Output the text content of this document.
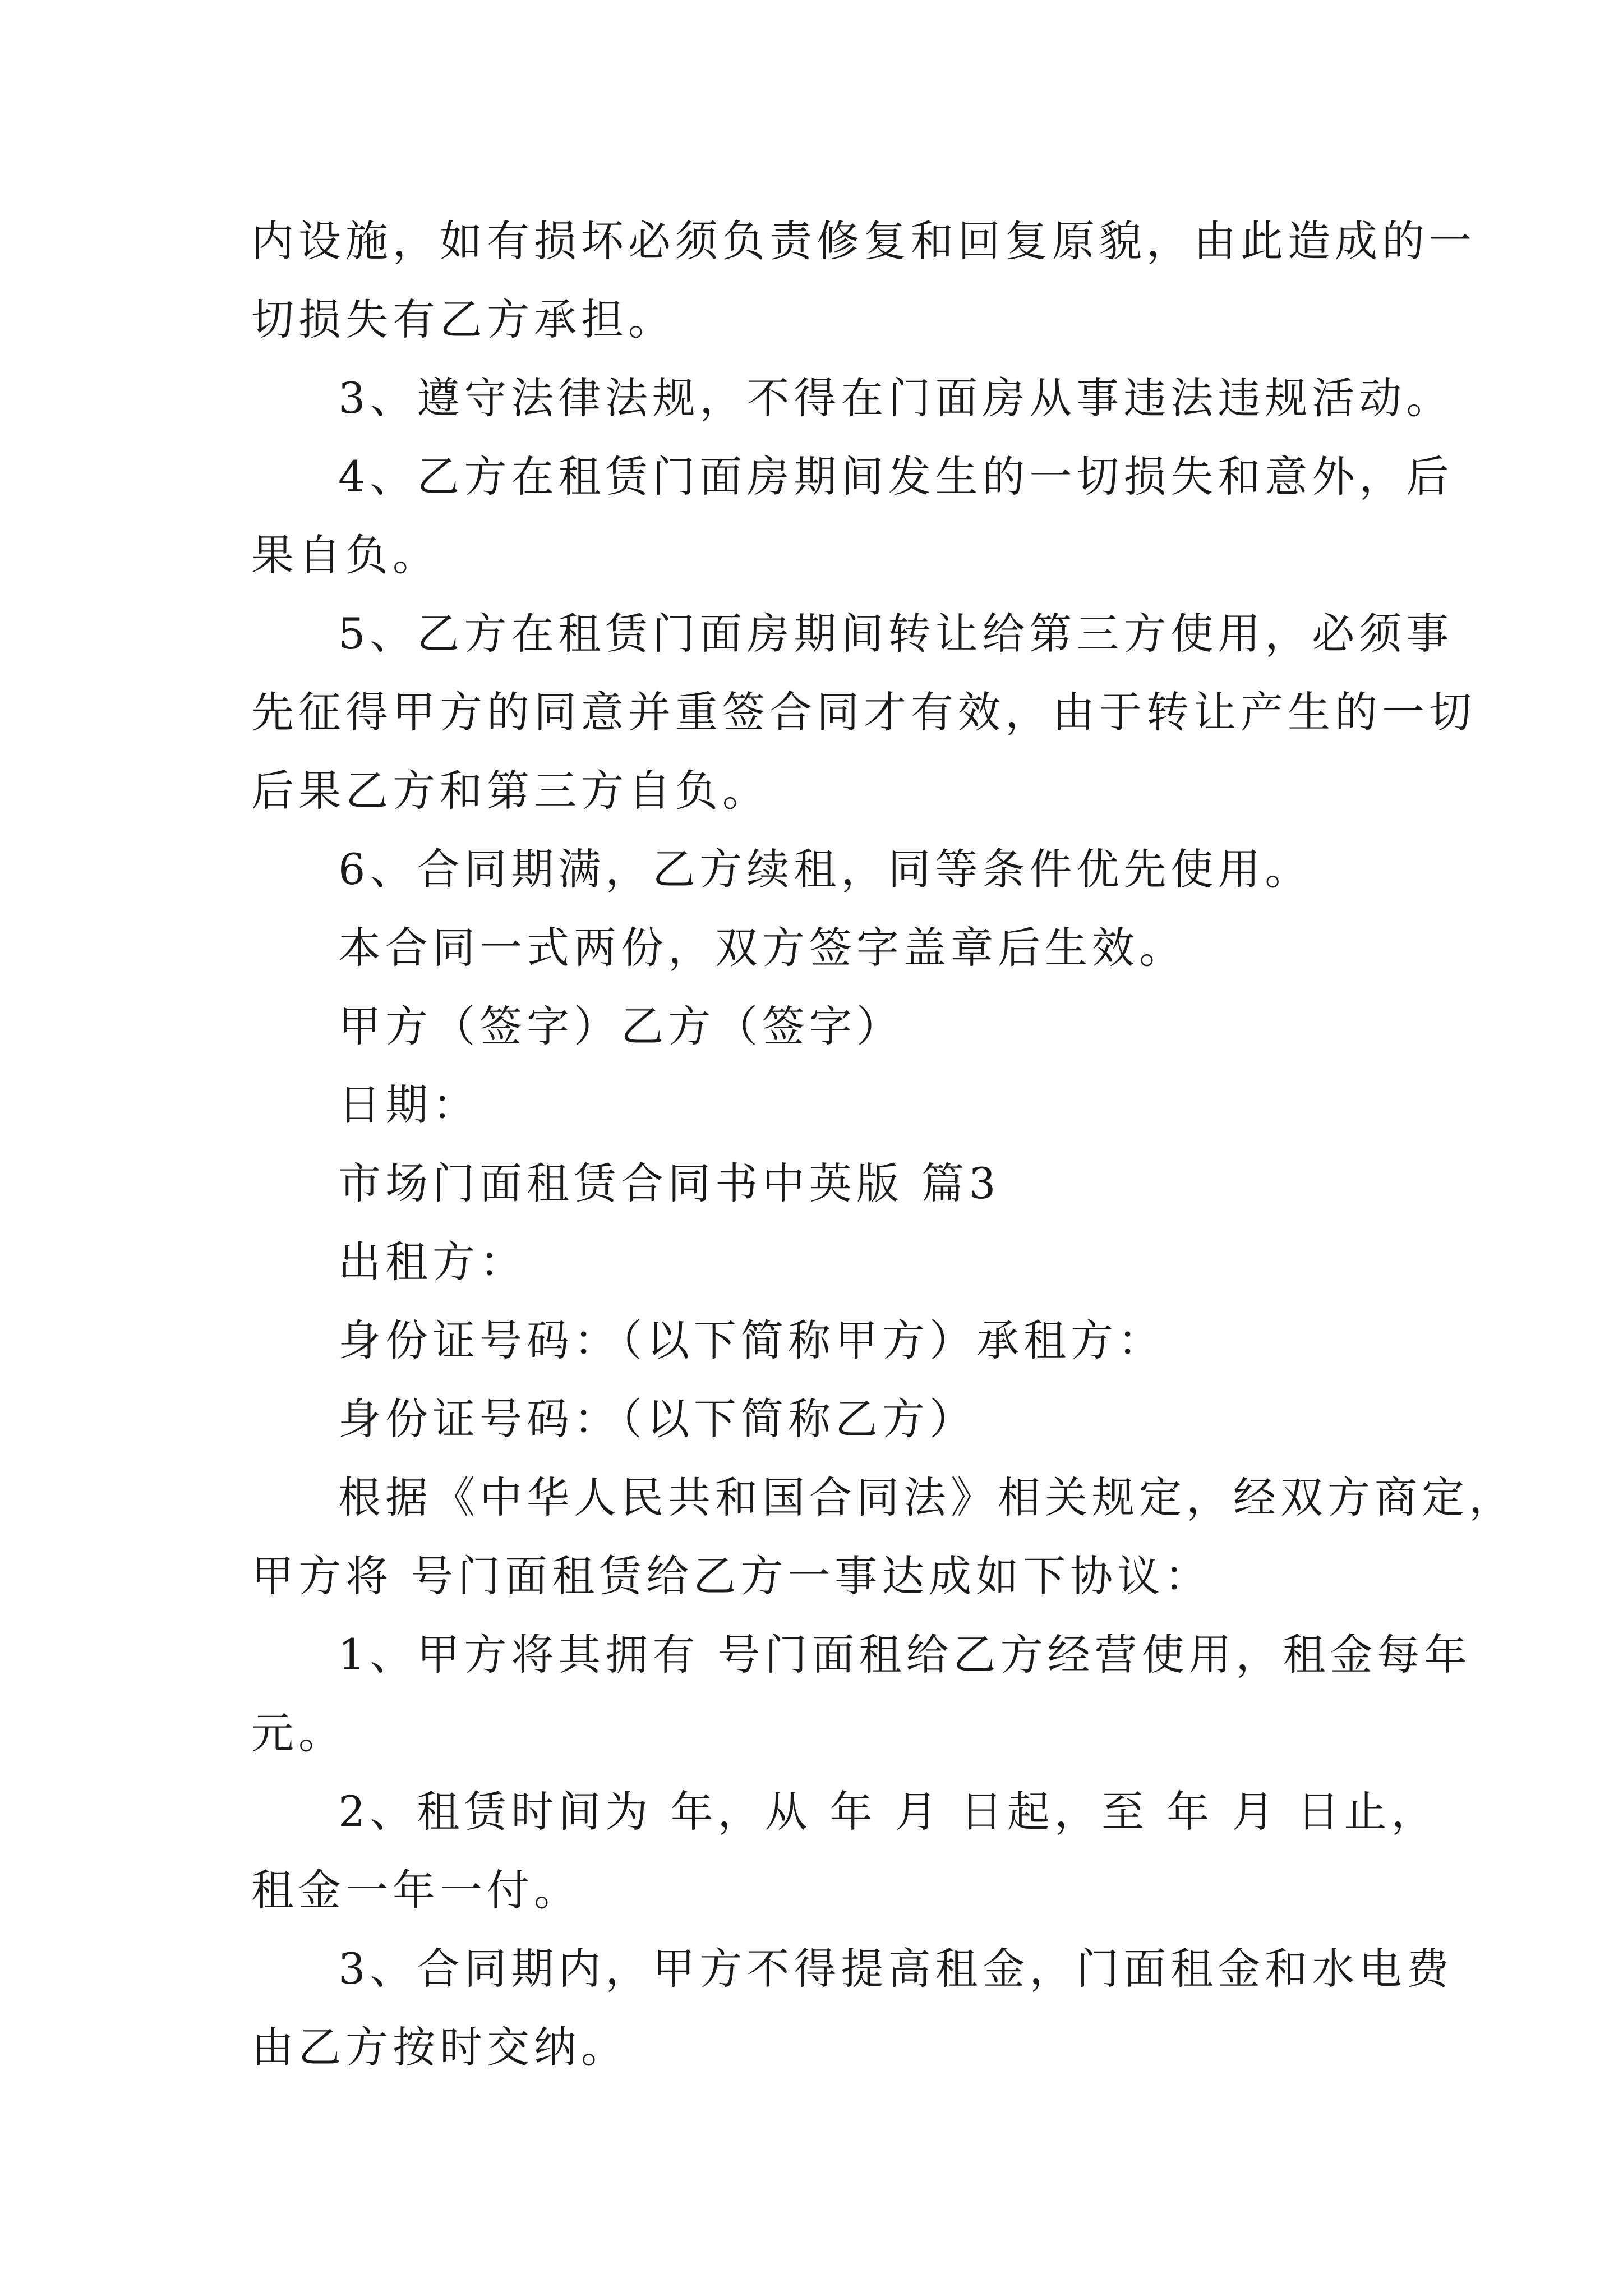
内设施，如有损坏必须负责修复和回复原貌，由此造成的一
切损失有乙方承担。

3、遵守法律法规，不得在门面房从事违法违规活动。

4、乙方在租赁门面房期间发生的一切损失和意外，后
果自负。

5、乙方在租赁门面房期间转让给第三方使用，必须事
先征得甲方的同意并重签合同才有效，由于转让产生的一切
后果乙方和第三方自负。

6、合同期满，乙方续租，同等条件优先使用。

本合同一式两份，双方签字盖章后生效。

甲方（签字）乙方（签字）

日期：

市场门面租赁合同书中英版 篇3

出租方：

身份证号码：（以下简称甲方）承租方：

身份证号码：（以下简称乙方）

根据《中华人民共和国合同法》相关规定，经双方商定，
甲方将 号门面租赁给乙方一事达成如下协议：

1、甲方将其拥有 号门面租给乙方经营使用，租金每年
元。

2、租赁时间为 年，从 年 月 日起，至 年 月 日止，
租金一年一付。

3、合同期内，甲方不得提高租金，门面租金和水电费
由乙方按时交纳。
